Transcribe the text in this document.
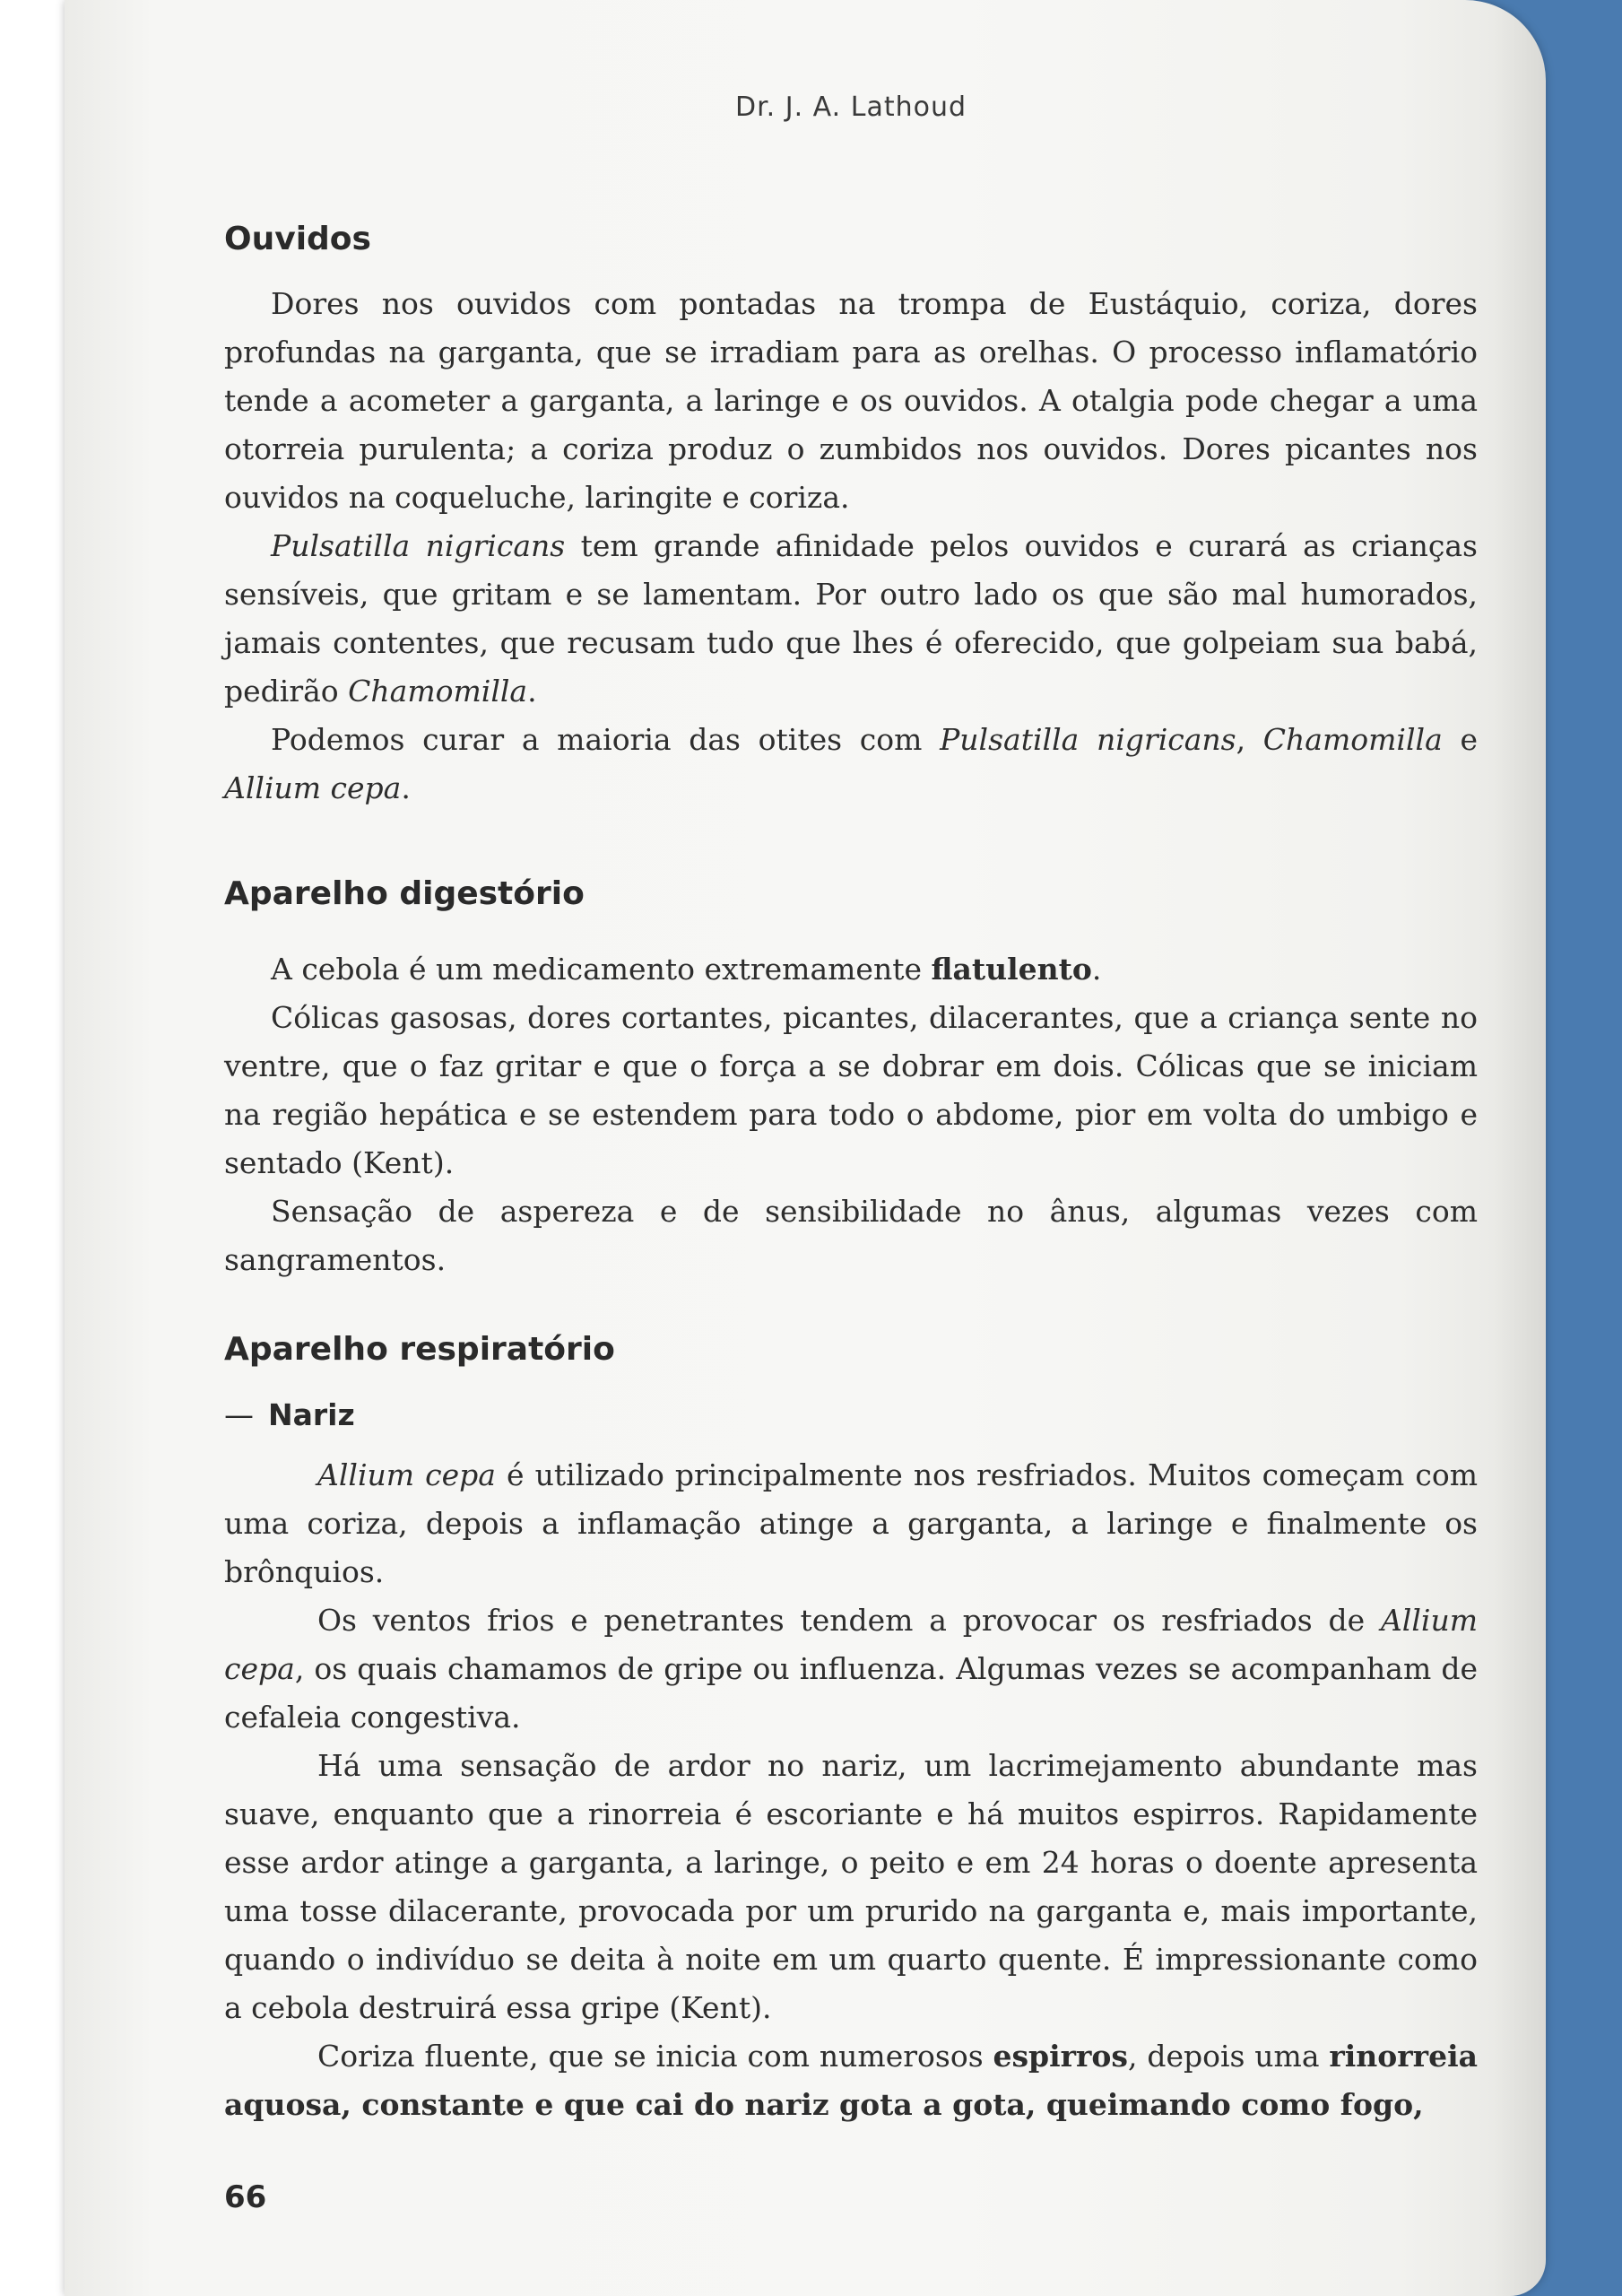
Dr. J. A. Lathoud
Ouvidos

Dores nos ouvidos com pontadas na trompa de Eustáquio, coriza, dores profundas na garganta, que se irradiam para as orelhas. O processo inflamatório tende a acometer a garganta, a laringe e os ouvidos. A otalgia pode chegar a uma otorreia purulenta; a coriza produz o zumbidos nos ouvidos. Dores picantes nos ouvidos na coqueluche, laringite e coriza.

Pulsatilla nigricans tem grande afinidade pelos ouvidos e curará as crianças sensíveis, que gritam e se lamentam. Por outro lado os que são mal humorados, jamais contentes, que recusam tudo que lhes é oferecido, que golpeiam sua babá, pedirão Chamomilla.

Podemos curar a maioria das otites com Pulsatilla nigricans, Chamomilla e Allium cepa.

Aparelho digestório

A cebola é um medicamento extremamente flatulento.

Cólicas gasosas, dores cortantes, picantes, dilacerantes, que a criança sente no ventre, que o faz gritar e que o força a se dobrar em dois. Cólicas que se iniciam na região hepática e se estendem para todo o abdome, pior em volta do umbigo e sentado (Kent).

Sensação de aspereza e de sensibilidade no ânus, algumas vezes com sangramentos.

Aparelho respiratório
— Nariz

Allium cepa é utilizado principalmente nos resfriados. Muitos começam com uma coriza, depois a inflamação atinge a garganta, a laringe e finalmente os brônquios.

Os ventos frios e penetrantes tendem a provocar os resfriados de Allium cepa, os quais chamamos de gripe ou influenza. Algumas vezes se acompanham de cefaleia congestiva.

Há uma sensação de ardor no nariz, um lacrimejamento abundante mas suave, enquanto que a rinorreia é escoriante e há muitos espirros. Rapidamente esse ardor atinge a garganta, a laringe, o peito e em 24 horas o doente apresenta uma tosse dilacerante, provocada por um prurido na garganta e, mais importante, quando o indivíduo se deita à noite em um quarto quente. É impressionante como a cebola destruirá essa gripe (Kent).

Coriza fluente, que se inicia com numerosos espirros, depois uma rinorreia aquosa, constante e que cai do nariz gota a gota, queimando como fogo,

66
